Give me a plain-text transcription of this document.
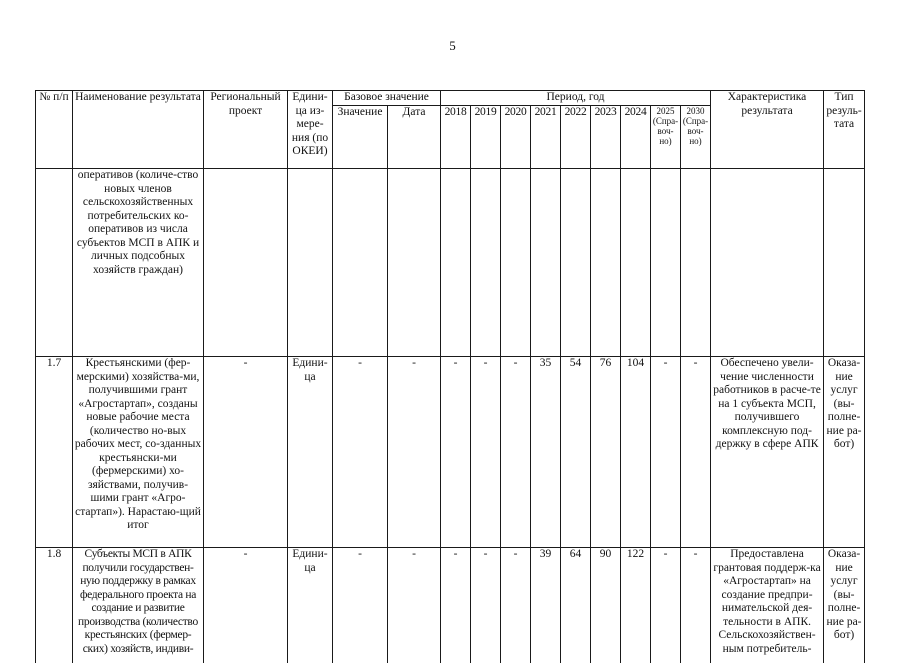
5
№ п/п	Наименование результата	Региональный проект	Едини-ца из-мере-ния (по ОКЕИ)	Базовое значение		Период, год									Характеристика результата	Тип резуль-тата
				Значение	Дата	2018	2019	2020	2021	2022	2023	2024	2025 (Спра-воч-но)	2030 (Спра-воч-но)		
	оперативов (количе-ство новых членов сельскохозяйственных потребительских ко-оперативов из числа субъектов МСП в АПК и личных подсобных хозяйств граждан)															
1.7	Крестьянскими (фер-мерскими) хозяйства-ми, получившими грант «Агростартап», созданы новые рабочие места (количество но-вых рабочих мест, со-зданных крестьянски-ми (фермерскими) хо-зяйствами, получив-шими грант «Агро-стартап»). Нарастаю-щий итог	-	Едини-ца	-	-	-	-	-	35	54	76	104	-	-	Обеспечено увели-чение численности работников в расче-те на 1 субъекта МСП, получившего комплексную под-держку в сфере АПК	Оказа-ние услуг (вы-полне-ние ра-бот)
1.8	Субъекты МСП в АПК получили государствен-ную поддержку в рамках федерального проекта на создание и развитие производства (количество крестьянских (фермер-ских) хозяйств, индиви-	-	Едини-ца	-	-	-	-	-	39	64	90	122	-	-	Предоставлена грантовая поддерж-ка «Агростартап» на создание предпри-нимательской дея-тельности в АПК. Сельскохозяйствен-ным потребитель-	Оказа-ние услуг (вы-полне-ние ра-бот)
